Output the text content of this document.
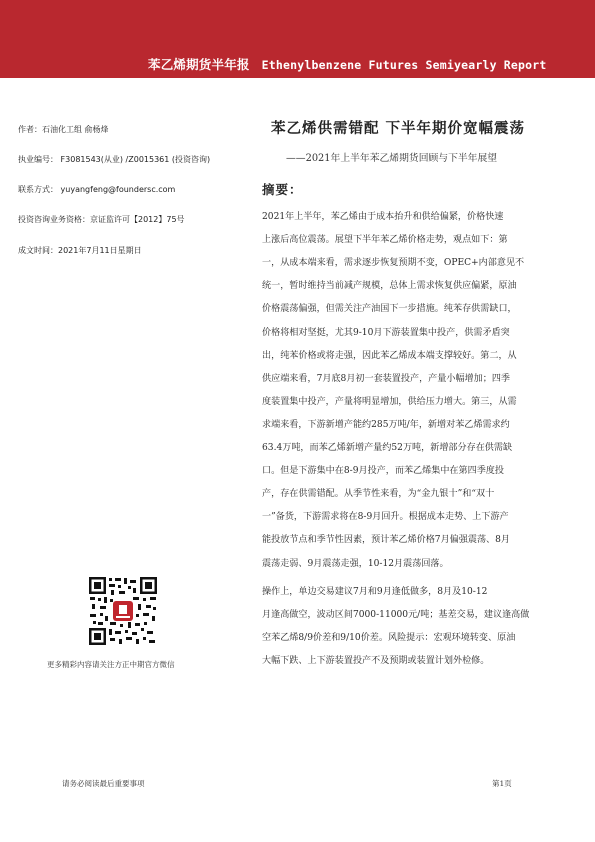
苯乙烯期货半年报 Ethenylbenzene Futures Semiyearly Report
作者：石油化工组 俞杨烽
执业编号： F3081543(从业) /Z0015361 (投资咨询)
联系方式： yuyangfeng@foundersc.com
投资咨询业务资格：京证监许可【2012】75号
成文时间：2021年7月11日星期日
更多精彩内容请关注方正中期官方微信
苯乙烯供需错配 下半年期价宽幅震荡
——2021年上半年苯乙烯期货回顾与下半年展望
摘要：
2021年上半年，苯乙烯由于成本抬升和供给偏紧，价格快速
上涨后高位震荡。展望下半年苯乙烯价格走势，观点如下：第
一，从成本端来看，需求逐步恢复预期不变，OPEC+内部意见不
统一，暂时维持当前减产规模，总体上需求恢复供应偏紧，原油
价格震荡偏强，但需关注产油国下一步措施。纯苯存供需缺口，
价格将相对坚挺，尤其9-10月下游装置集中投产，供需矛盾突
出，纯苯价格或将走强，因此苯乙烯成本端支撑较好。第二，从
供应端来看，7月底8月初一套装置投产，产量小幅增加；四季
度装置集中投产，产量将明显增加，供给压力增大。第三，从需
求端来看，下游新增产能约285万吨/年，新增对苯乙烯需求约
63.4万吨，而苯乙烯新增产量约52万吨，新增部分存在供需缺
口。但是下游集中在8-9月投产，而苯乙烯集中在第四季度投
产，存在供需错配。从季节性来看，为“金九银十”和“双十
一”备货，下游需求将在8-9月回升。根据成本走势、上下游产
能投放节点和季节性因素，预计苯乙烯价格7月偏强震荡、8月
震荡走弱、9月震荡走强，10-12月震荡回落。
操作上，单边交易建议7月和9月逢低做多，8月及10-12
月逢高做空，波动区间7000-11000元/吨；基差交易，建议逢高做
空苯乙烯8/9价差和9/10价差。风险提示：宏观环境转变、原油
大幅下跌、上下游装置投产不及预期或装置计划外检修。
请务必阅读最后重要事项	第1页
